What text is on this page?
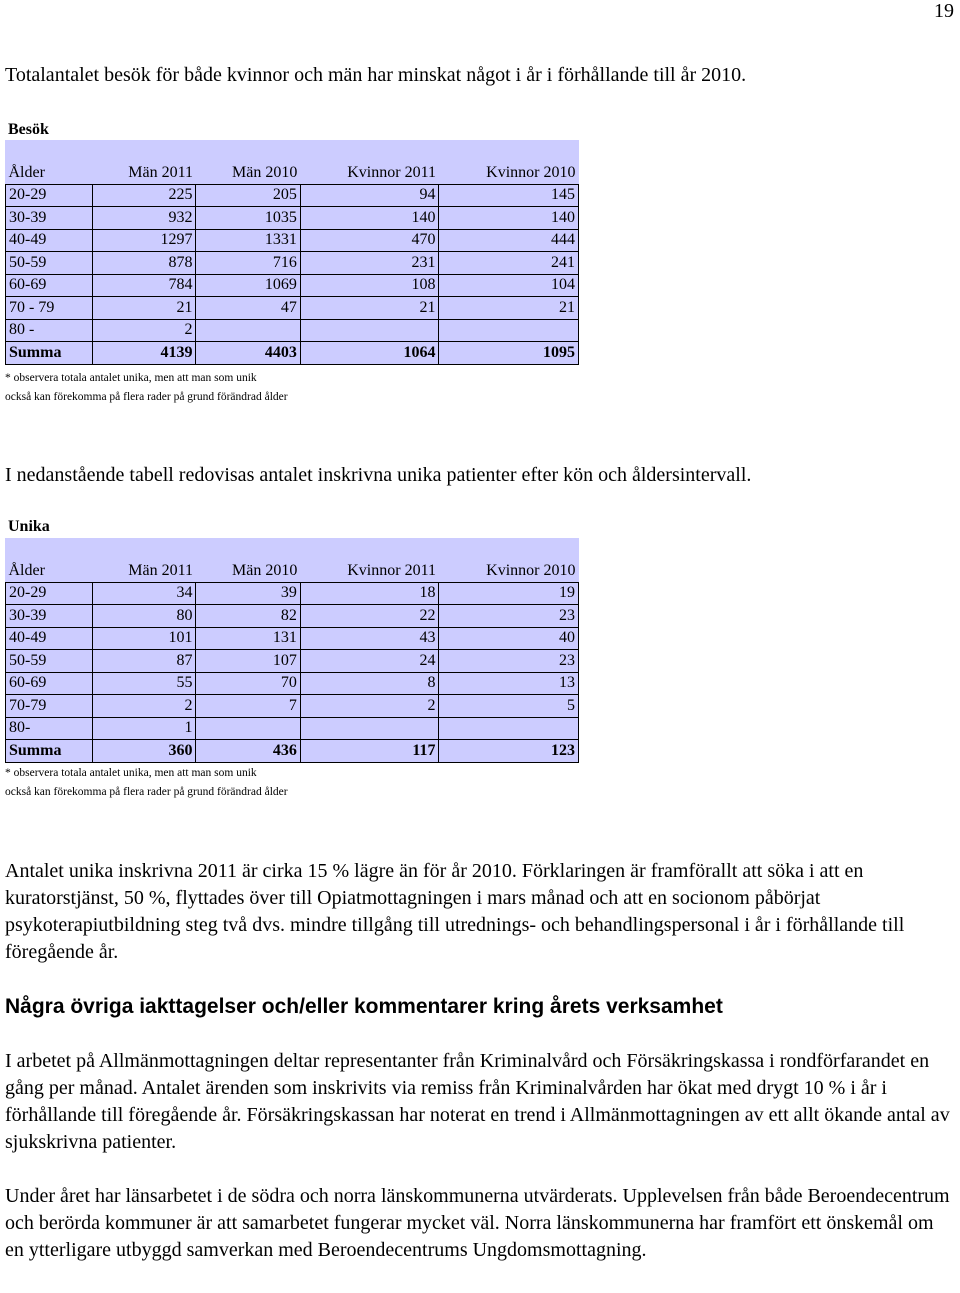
19
Totalantalet besök för både kvinnor och män har minskat något i år i förhållande till år 2010.
Besök

Ålder	Män 2011	Män 2010	Kvinnor 2011	Kvinnor 2010
20-29	225	205	94	145
30-39	932	1035	140	140
40-49	1297	1331	470	444
50-59	878	716	231	241
60-69	784	1069	108	104
70 - 79	21	47	21	21
80 -	2			
Summa	4139	4403	1064	1095
* observera totala antalet unika, men att man som unik
också kan förekomma på flera rader på grund förändrad ålder
I nedanstående tabell redovisas antalet inskrivna unika patienter efter kön och åldersintervall.
Unika

Ålder	Män 2011	Män 2010	Kvinnor 2011	Kvinnor 2010
20-29	34	39	18	19
30-39	80	82	22	23
40-49	101	131	43	40
50-59	87	107	24	23
60-69	55	70	8	13
70-79	2	7	2	5
80-	1			
Summa	360	436	117	123
* observera totala antalet unika, men att man som unik
också kan förekomma på flera rader på grund förändrad ålder
Antalet unika inskrivna 2011 är cirka 15 % lägre än för år 2010. Förklaringen är framförallt att söka i att en kuratorstjänst, 50 %, flyttades över till Opiatmottagningen i mars månad och att en socionom påbörjat psykoterapiutbildning steg två dvs. mindre tillgång till utrednings- och behandlingspersonal i år i förhållande till föregående år.
Några övriga iakttagelser och/eller kommentarer kring årets verksamhet
I arbetet på Allmänmottagningen deltar representanter från Kriminalvård och Försäkringskassa i rondförfarandet en gång per månad. Antalet ärenden som inskrivits via remiss från Kriminalvården har ökat med drygt 10 % i år i förhållande till föregående år. Försäkringskassan har noterat en trend i Allmänmottagningen av ett allt ökande antal av sjukskrivna patienter.
Under året har länsarbetet i de södra och norra länskommunerna utvärderats. Upplevelsen från både Beroendecentrum och berörda kommuner är att samarbetet fungerar mycket väl. Norra länskommunerna har framfört ett önskemål om en ytterligare utbyggd samverkan med Beroendecentrums Ungdomsmottagning.
